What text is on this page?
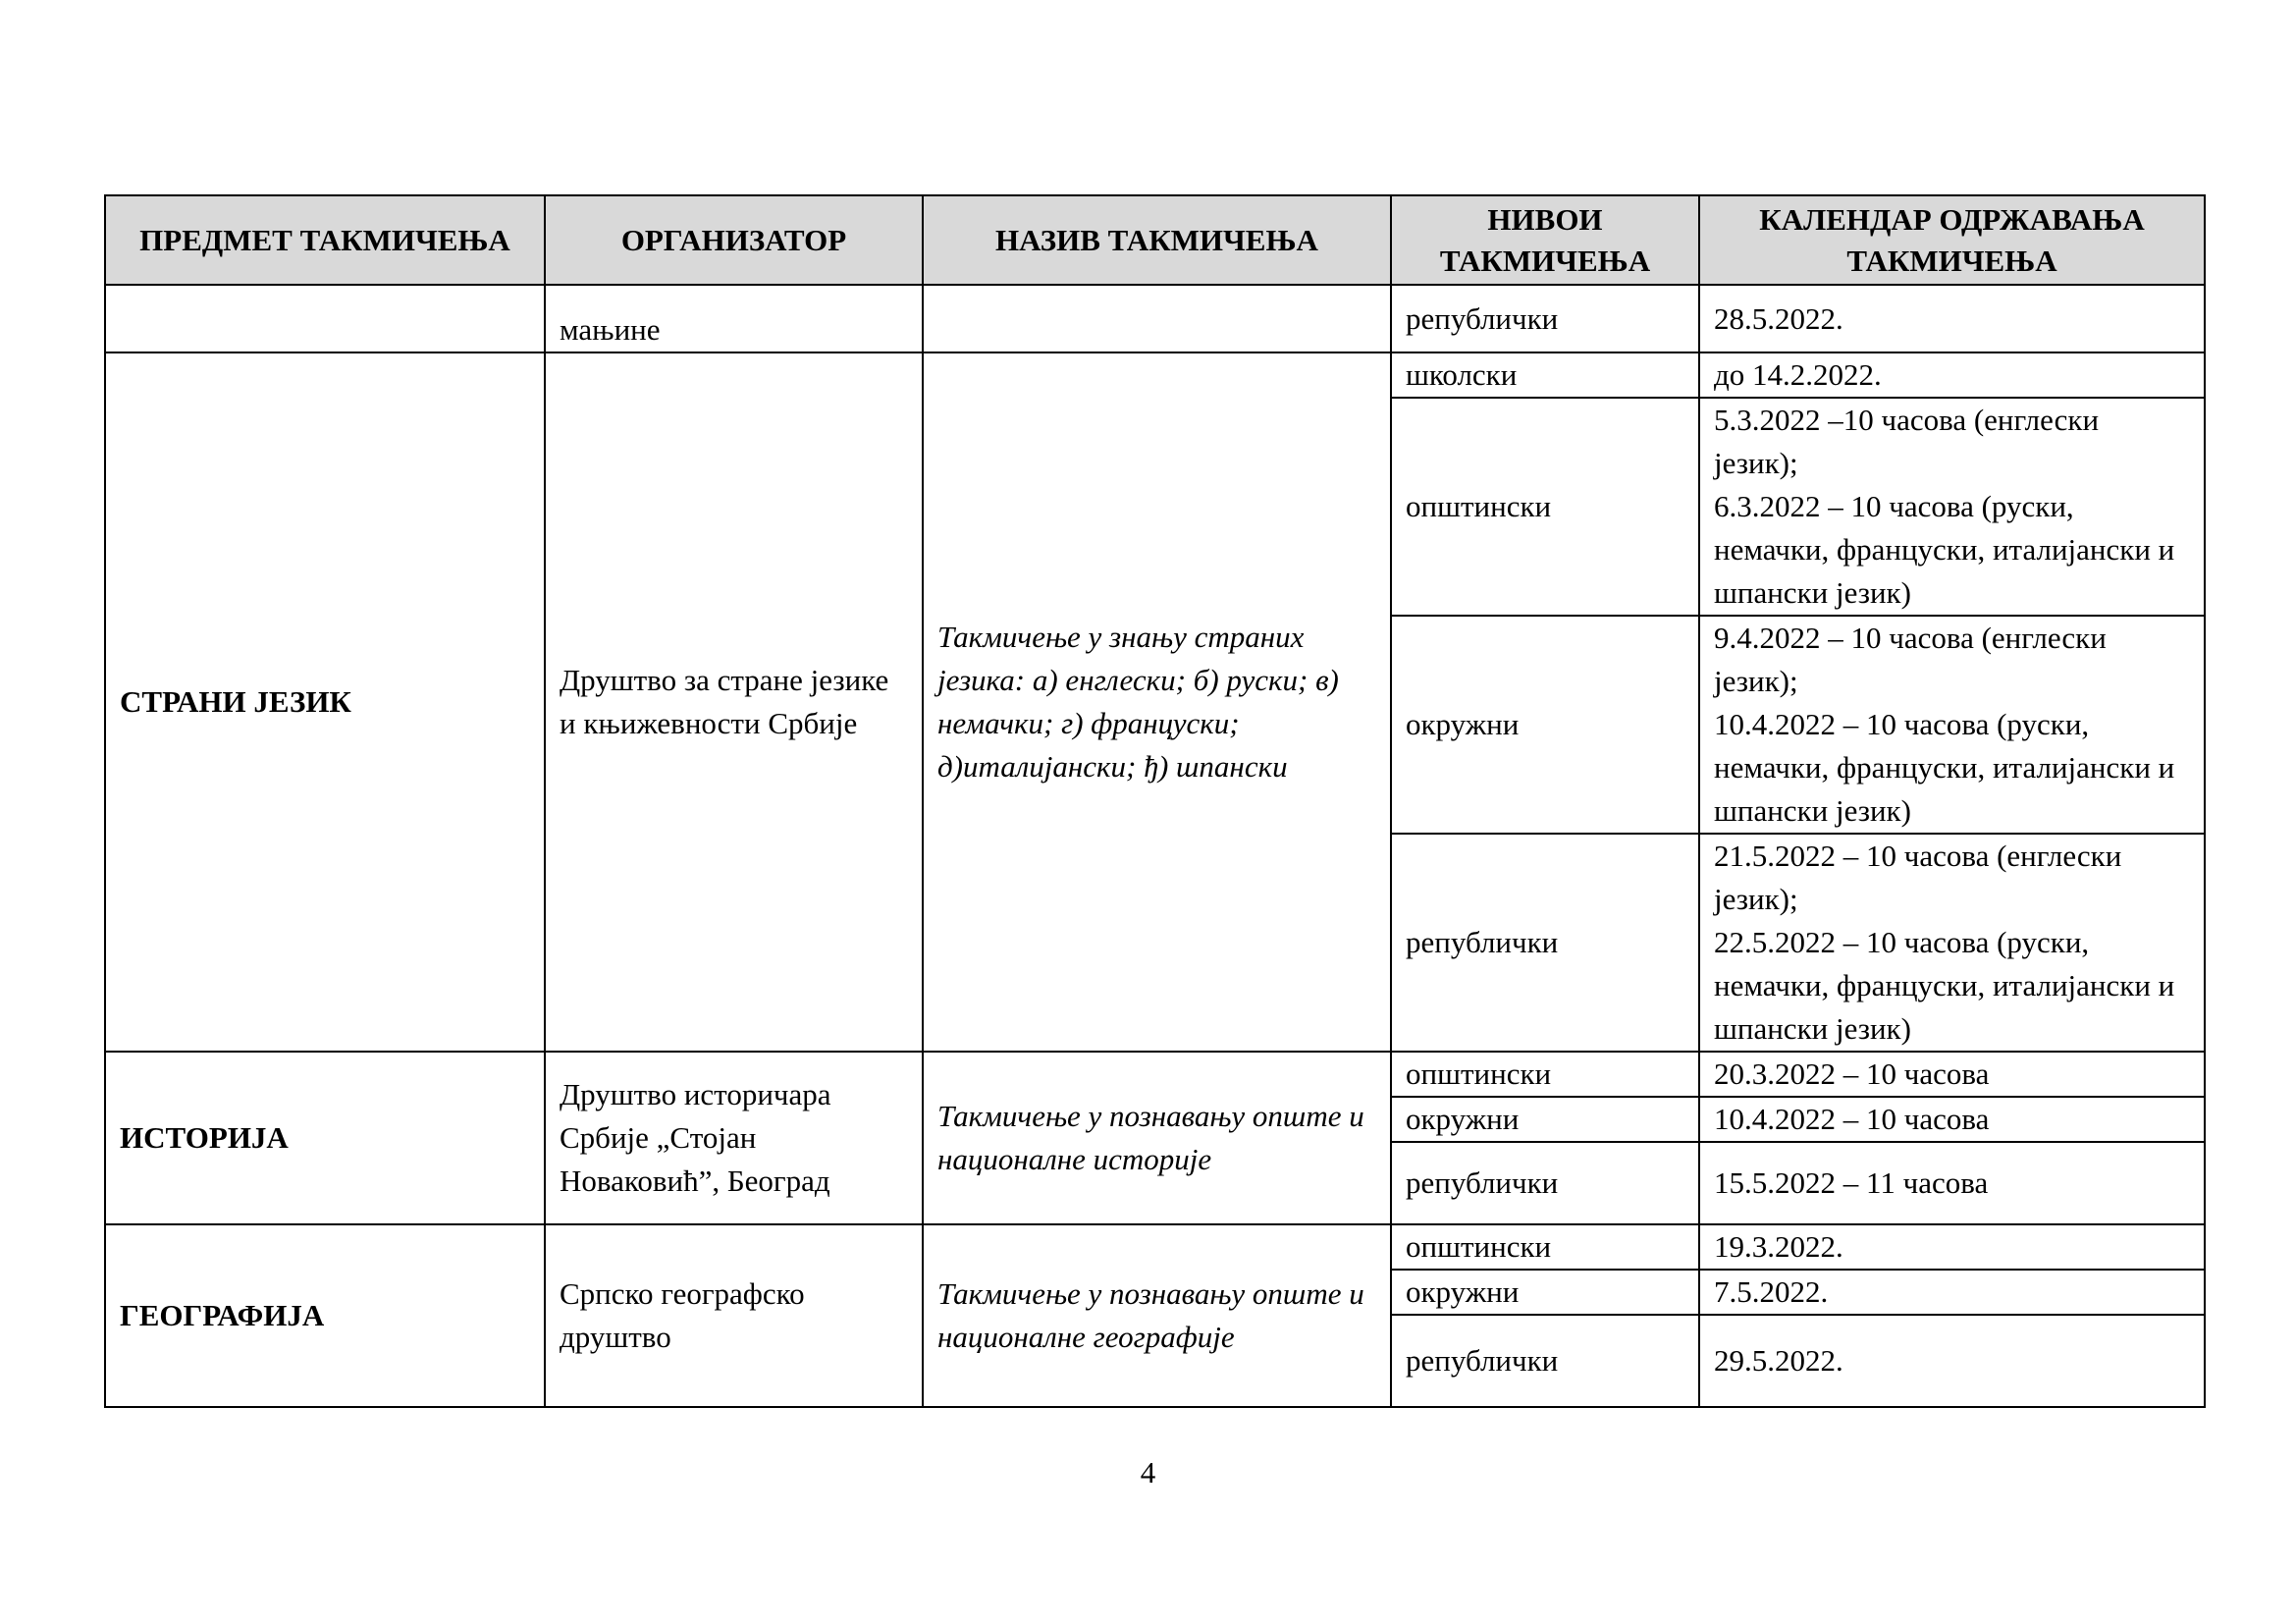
ПРЕДМЕТ ТАКМИЧЕЊА	ОРГАНИЗАТОР	НАЗИВ ТАКМИЧЕЊА	НИВОИ ТАКМИЧЕЊА	КАЛЕНДАР ОДРЖАВАЊА ТАКМИЧЕЊА
	мањине		републички	28.5.2022.
СТРАНИ ЈЕЗИК	Друштво за стране језике и књижевности Србије	Такмичење у знању страних језика: а) енглески; б) руски; в) немачки; г) француски; д)италијански; ђ) шпански	школски	до 14.2.2022.
			општински	5.3.2022 –10 часова (енглески језик);
6.3.2022 – 10 часова (руски, немачки, француски, италијански и шпански језик)

			окружни	9.4.2022 – 10 часова (енглески језик);
10.4.2022 – 10 часова (руски, немачки, француски, италијански и шпански језик)

			републички	21.5.2022 – 10 часова (енглески језик);
22.5.2022 – 10 часова (руски, немачки, француски, италијански и шпански језик)

ИСТОРИЈА	Друштво историчара Србије „Стојан Новаковић”, Београд	Такмичење у познавању опште и националне историје	општински	20.3.2022 – 10 часова
			окружни	10.4.2022 – 10 часова
			републички	15.5.2022 – 11 часова
ГЕОГРАФИЈА	Српско географско друштво	Такмичење у познавању опште и националне географије	општински	19.3.2022.
			окружни	7.5.2022.
			републички	29.5.2022.
4
